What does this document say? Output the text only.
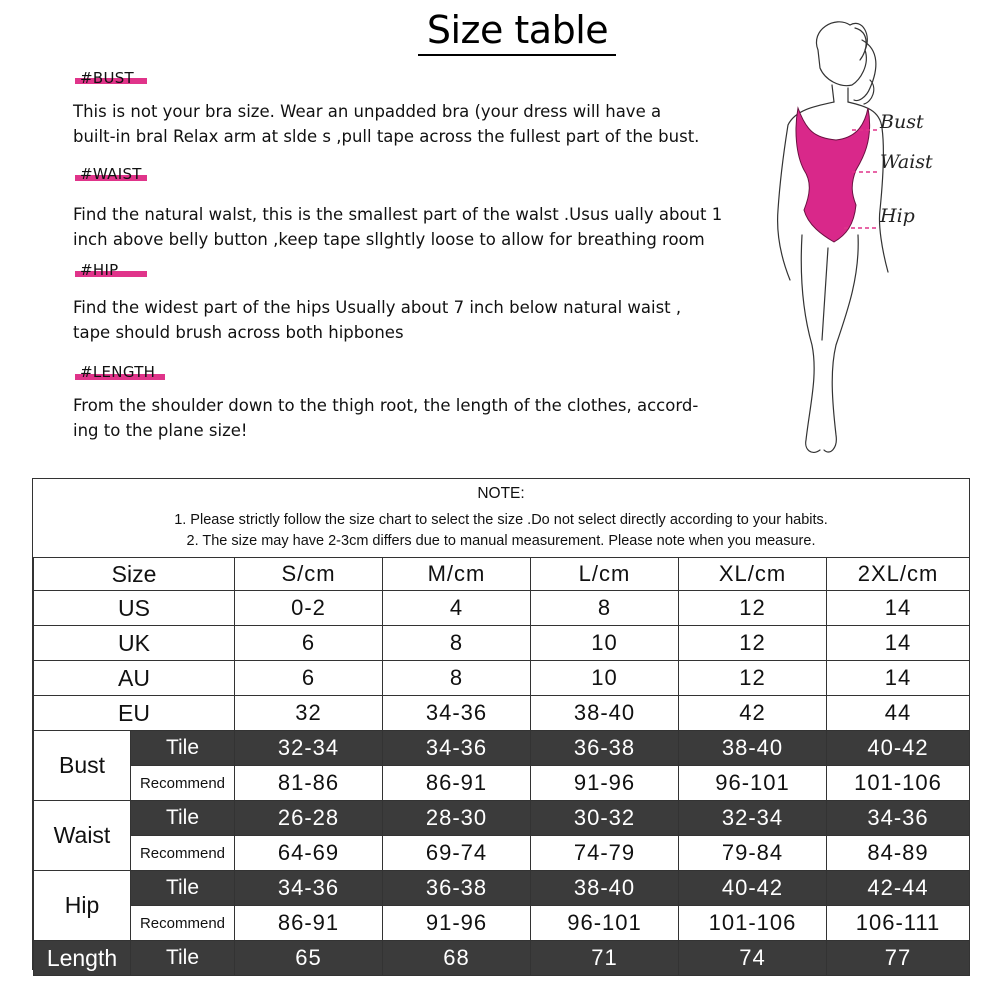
Size table
#BUST
This is not your bra size. Wear an unpadded bra (your dress will have a
built-in bral Relax arm at slde s ,pull tape across the fullest part of the bust.
#WAIST
Find the natural walst, this is the smallest part of the walst .Usus ually about 1
inch above belly button ,keep tape sllghtly loose to allow for breathing room
#HIP
Find the widest part of the hips Usually about 7 inch below natural waist ,
tape should brush across both hipbones
#LENGTH
From the shoulder down to the thigh root, the length of the clothes, accord-
ing to the plane size!
Bust
Waist
Hip
NOTE:
1. Please strictly follow the size chart to select the size .Do not select directly according to your habits.
2. The size may have 2-3cm differs due to manual measurement. Please note when you measure.
Size		S/cm	M/cm	L/cm	XL/cm	2XL/cm
US		0-2	4	8	12	14
UK		6	8	10	12	14
AU		6	8	10	12	14
EU		32	34-36	38-40	42	44
Bust	Tile	32-34	34-36	36-38	38-40	40-42
	Recommend	81-86	86-91	91-96	96-101	101-106
Waist	Tile	26-28	28-30	30-32	32-34	34-36
	Recommend	64-69	69-74	74-79	79-84	84-89
Hip	Tile	34-36	36-38	38-40	40-42	42-44
	Recommend	86-91	91-96	96-101	101-106	106-111
Length	Tile	65	68	71	74	77
